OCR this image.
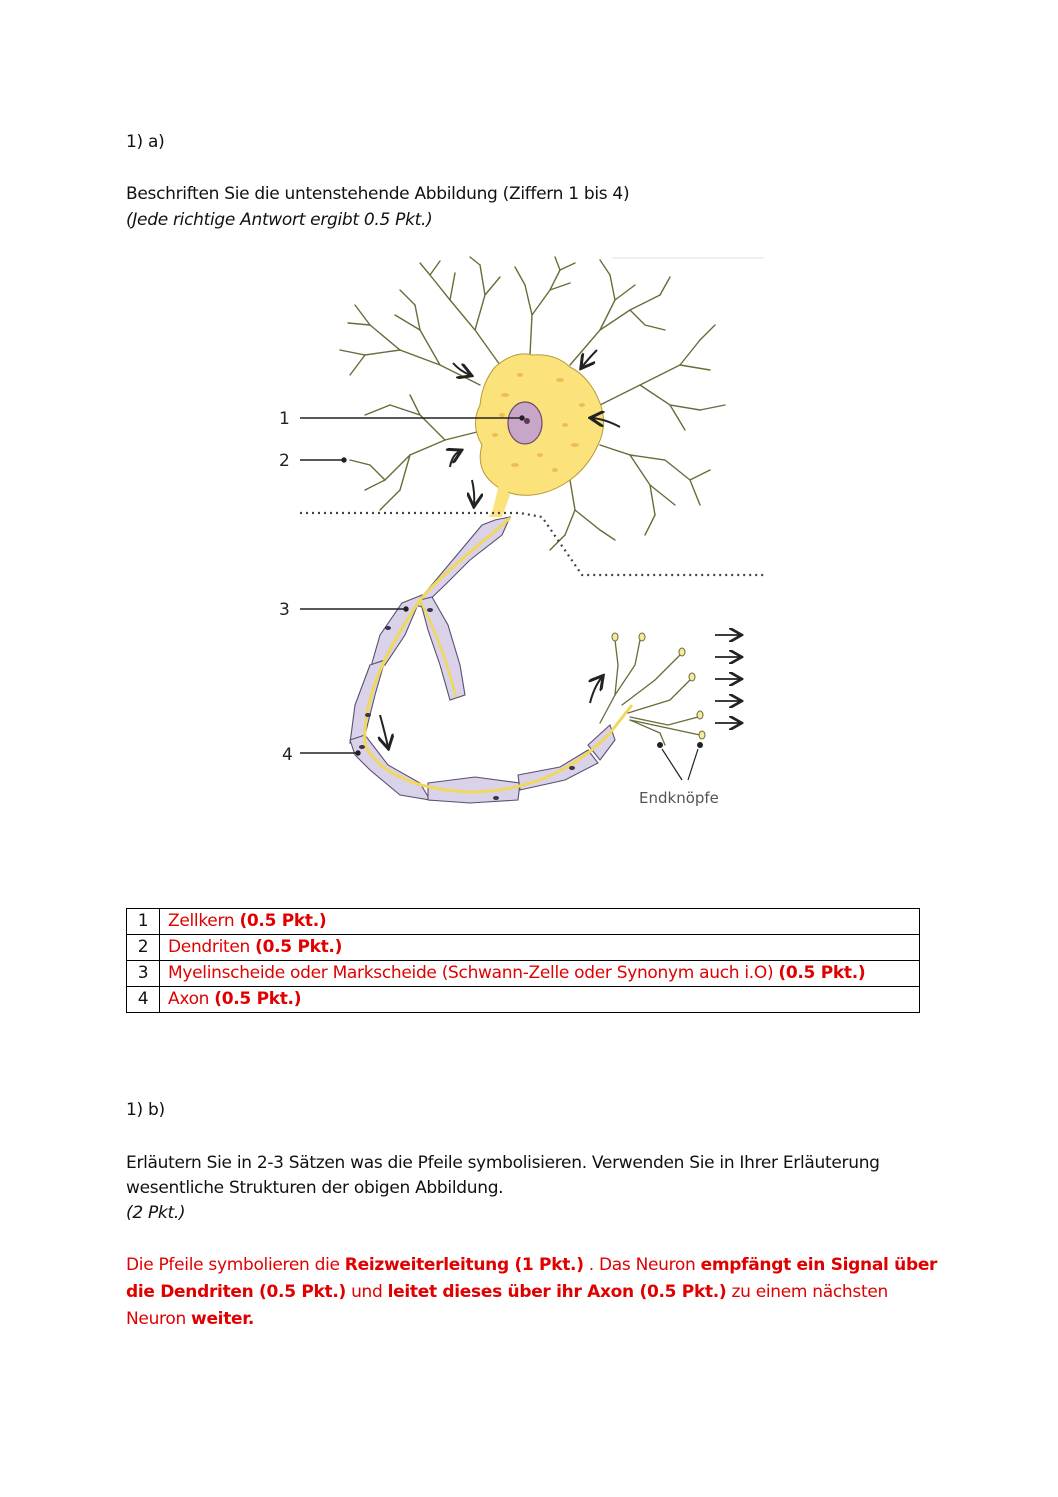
1) a)
Beschriften Sie die untenstehende Abbildung (Ziffern 1 bis 4)
(Jede richtige Antwort ergibt 0.5 Pkt.)
1
2
3
4
Endknöpfe
1	Zellkern (0.5 Pkt.)
2	Dendriten (0.5 Pkt.)
3	Myelinscheide oder Markscheide (Schwann-Zelle oder Synonym auch i.O) (0.5 Pkt.)
4	Axon (0.5 Pkt.)
1) b)
Erläutern Sie in 2-3 Sätzen was die Pfeile symbolisieren. Verwenden Sie in Ihrer Erläuterung
wesentliche Strukturen der obigen Abbildung.
(2 Pkt.)
Die Pfeile symbolieren die Reizweiterleitung (1 Pkt.) . Das Neuron empfängt ein Signal über die Dendriten (0.5 Pkt.) und leitet dieses über ihr Axon (0.5 Pkt.) zu einem nächsten Neuron weiter.
